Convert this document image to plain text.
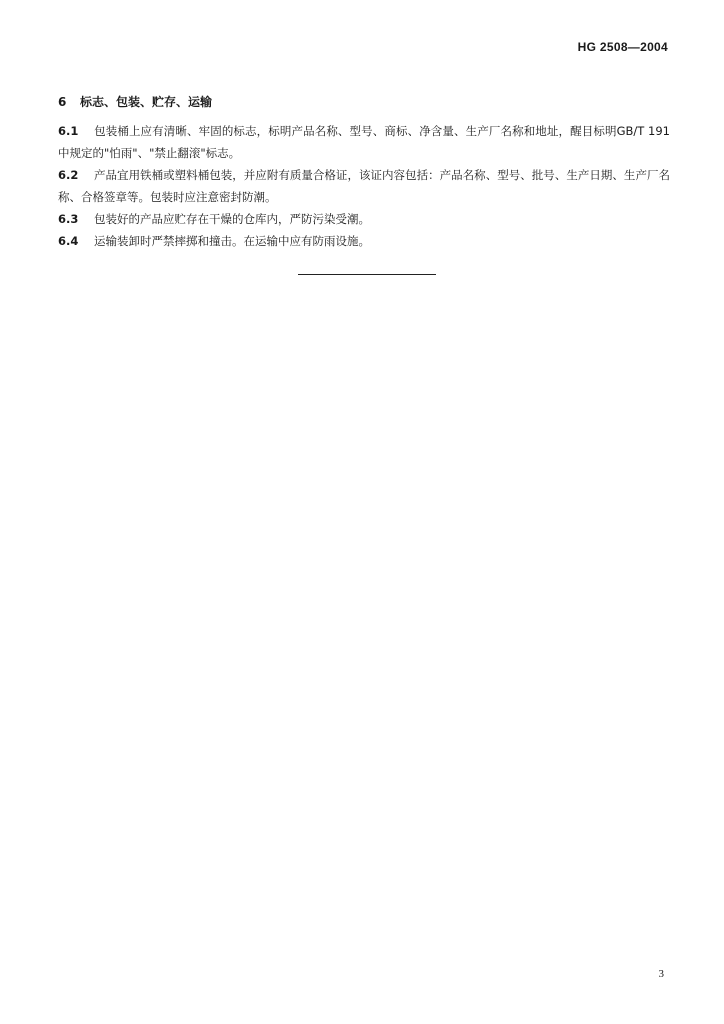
HG 2508—2004
6 标志、包装、贮存、运输

6.1 包装桶上应有清晰、牢固的标志，标明产品名称、型号、商标、净含量、生产厂名称和地址，醒目标明GB/T 191中规定的"怕雨"、"禁止翻滚"标志。

6.2 产品宜用铁桶或塑料桶包装，并应附有质量合格证，该证内容包括：产品名称、型号、批号、生产日期、生产厂名称、合格签章等。包装时应注意密封防潮。

6.3 包装好的产品应贮存在干燥的仓库内，严防污染受潮。

6.4 运输装卸时严禁摔掷和撞击。在运输中应有防雨设施。

3
